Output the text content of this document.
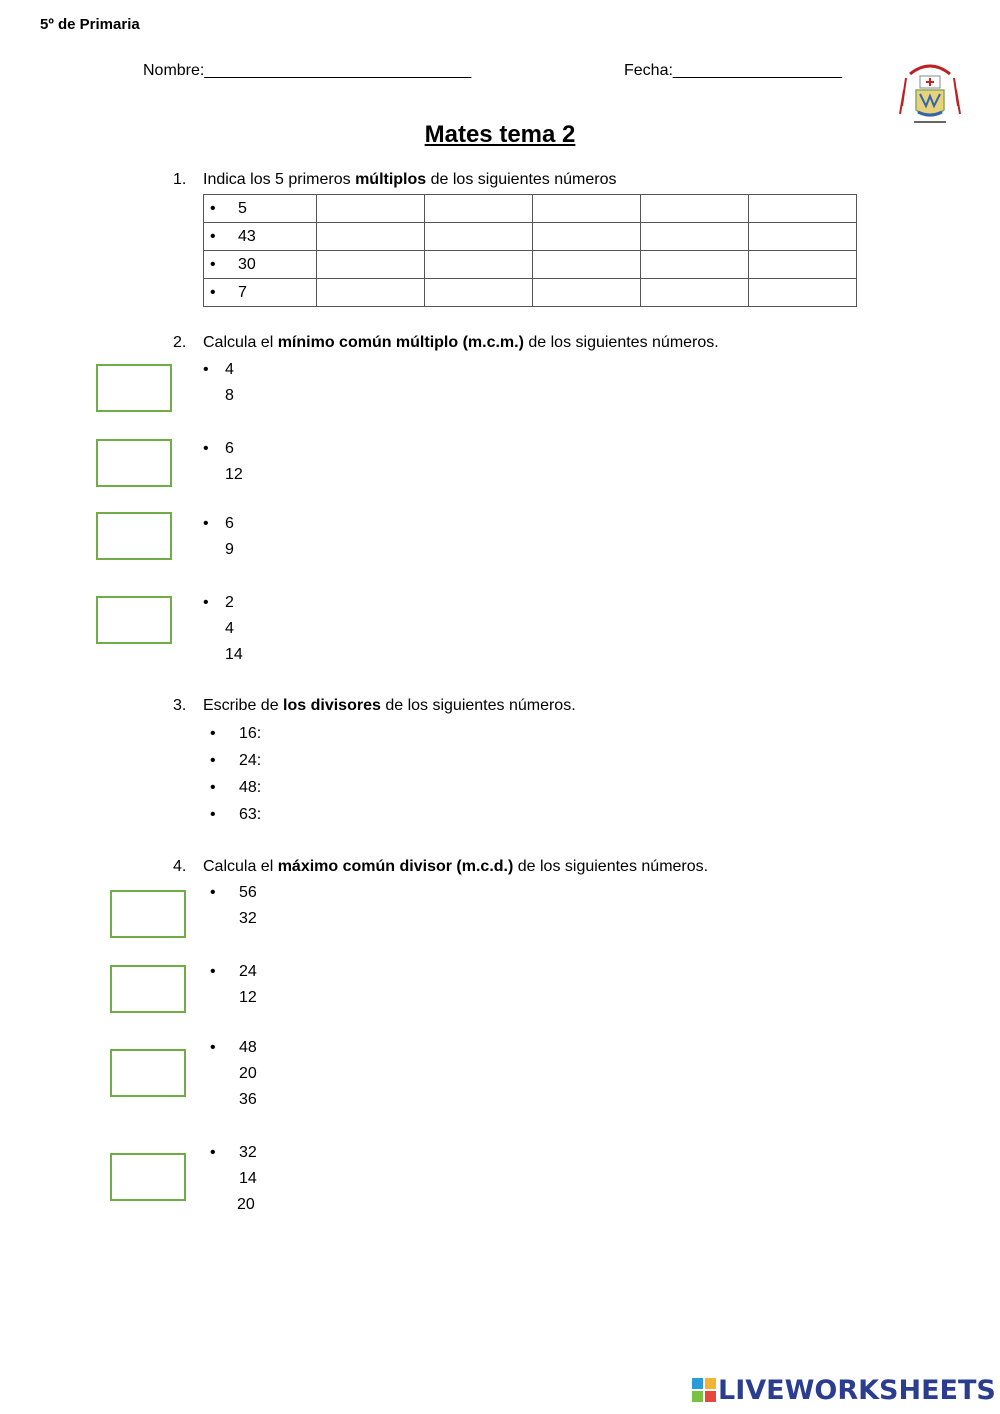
5º de Primaria
Nombre:______________________________	Fecha:___________________
Mates tema 2
1. Indica los 5 primeros múltiplos de los siguientes números
• 5					
• 43					
• 30					
• 7					
2. Calcula el mínimo común múltiplo (m.c.m.) de los siguientes números.
• 4
8
• 6
12
• 6
9
• 2
4
14
3. Escribe de los divisores de los siguientes números.
• 16:
• 24:
• 48:
• 63:
4. Calcula el máximo común divisor (m.c.d.) de los siguientes números.
• 56
32
• 24
12
• 48
20
36
• 32
14
20
LIVEWORKSHEETS
